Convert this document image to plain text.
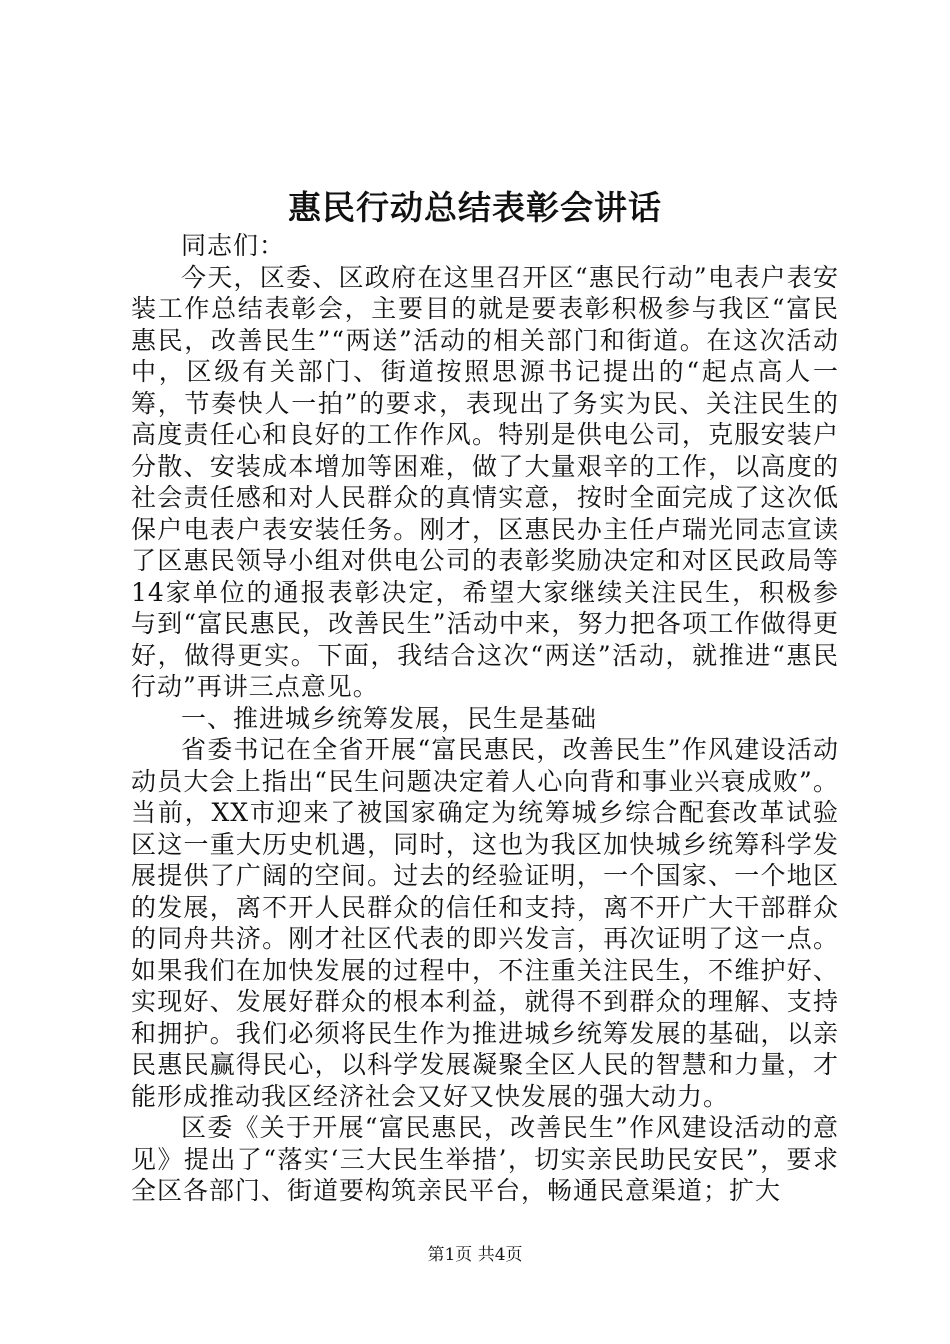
惠民行动总结表彰会讲话

同志们：

今天，区委、区政府在这里召开区“惠民行动”电表户表安装工作总结表彰会，主要目的就是要表彰积极参与我区“富民惠民，改善民生”“两送”活动的相关部门和街道。在这次活动中，区级有关部门、街道按照思源书记提出的“起点高人一筹，节奏快人一拍”的要求，表现出了务实为民、关注民生的高度责任心和良好的工作作风。特别是供电公司，克服安装户分散、安装成本增加等困难，做了大量艰辛的工作，以高度的社会责任感和对人民群众的真情实意，按时全面完成了这次低保户电表户表安装任务。刚才，区惠民办主任卢瑞光同志宣读了区惠民领导小组对供电公司的表彰奖励决定和对区民政局等14家单位的通报表彰决定，希望大家继续关注民生，积极参与到“富民惠民，改善民生”活动中来，努力把各项工作做得更好，做得更实。下面，我结合这次“两送”活动，就推进“惠民行动”再讲三点意见。

一、推进城乡统筹发展，民生是基础

省委书记在全省开展“富民惠民，改善民生”作风建设活动动员大会上指出“民生问题决定着人心向背和事业兴衰成败”。当前，XX市迎来了被国家确定为统筹城乡综合配套改革试验区这一重大历史机遇，同时，这也为我区加快城乡统筹科学发展提供了广阔的空间。过去的经验证明，一个国家、一个地区的发展，离不开人民群众的信任和支持，离不开广大干部群众的同舟共济。刚才社区代表的即兴发言，再次证明了这一点。如果我们在加快发展的过程中，不注重关注民生，不维护好、实现好、发展好群众的根本利益，就得不到群众的理解、支持和拥护。我们必须将民生作为推进城乡统筹发展的基础，以亲民惠民赢得民心，以科学发展凝聚全区人民的智慧和力量，才能形成推动我区经济社会又好又快发展的强大动力。

区委《关于开展“富民惠民，改善民生”作风建设活动的意见》提出了“落实‘三大民生举措’，切实亲民助民安民”，要求全区各部门、街道要构筑亲民平台，畅通民意渠道；扩大

第1页 共4页
